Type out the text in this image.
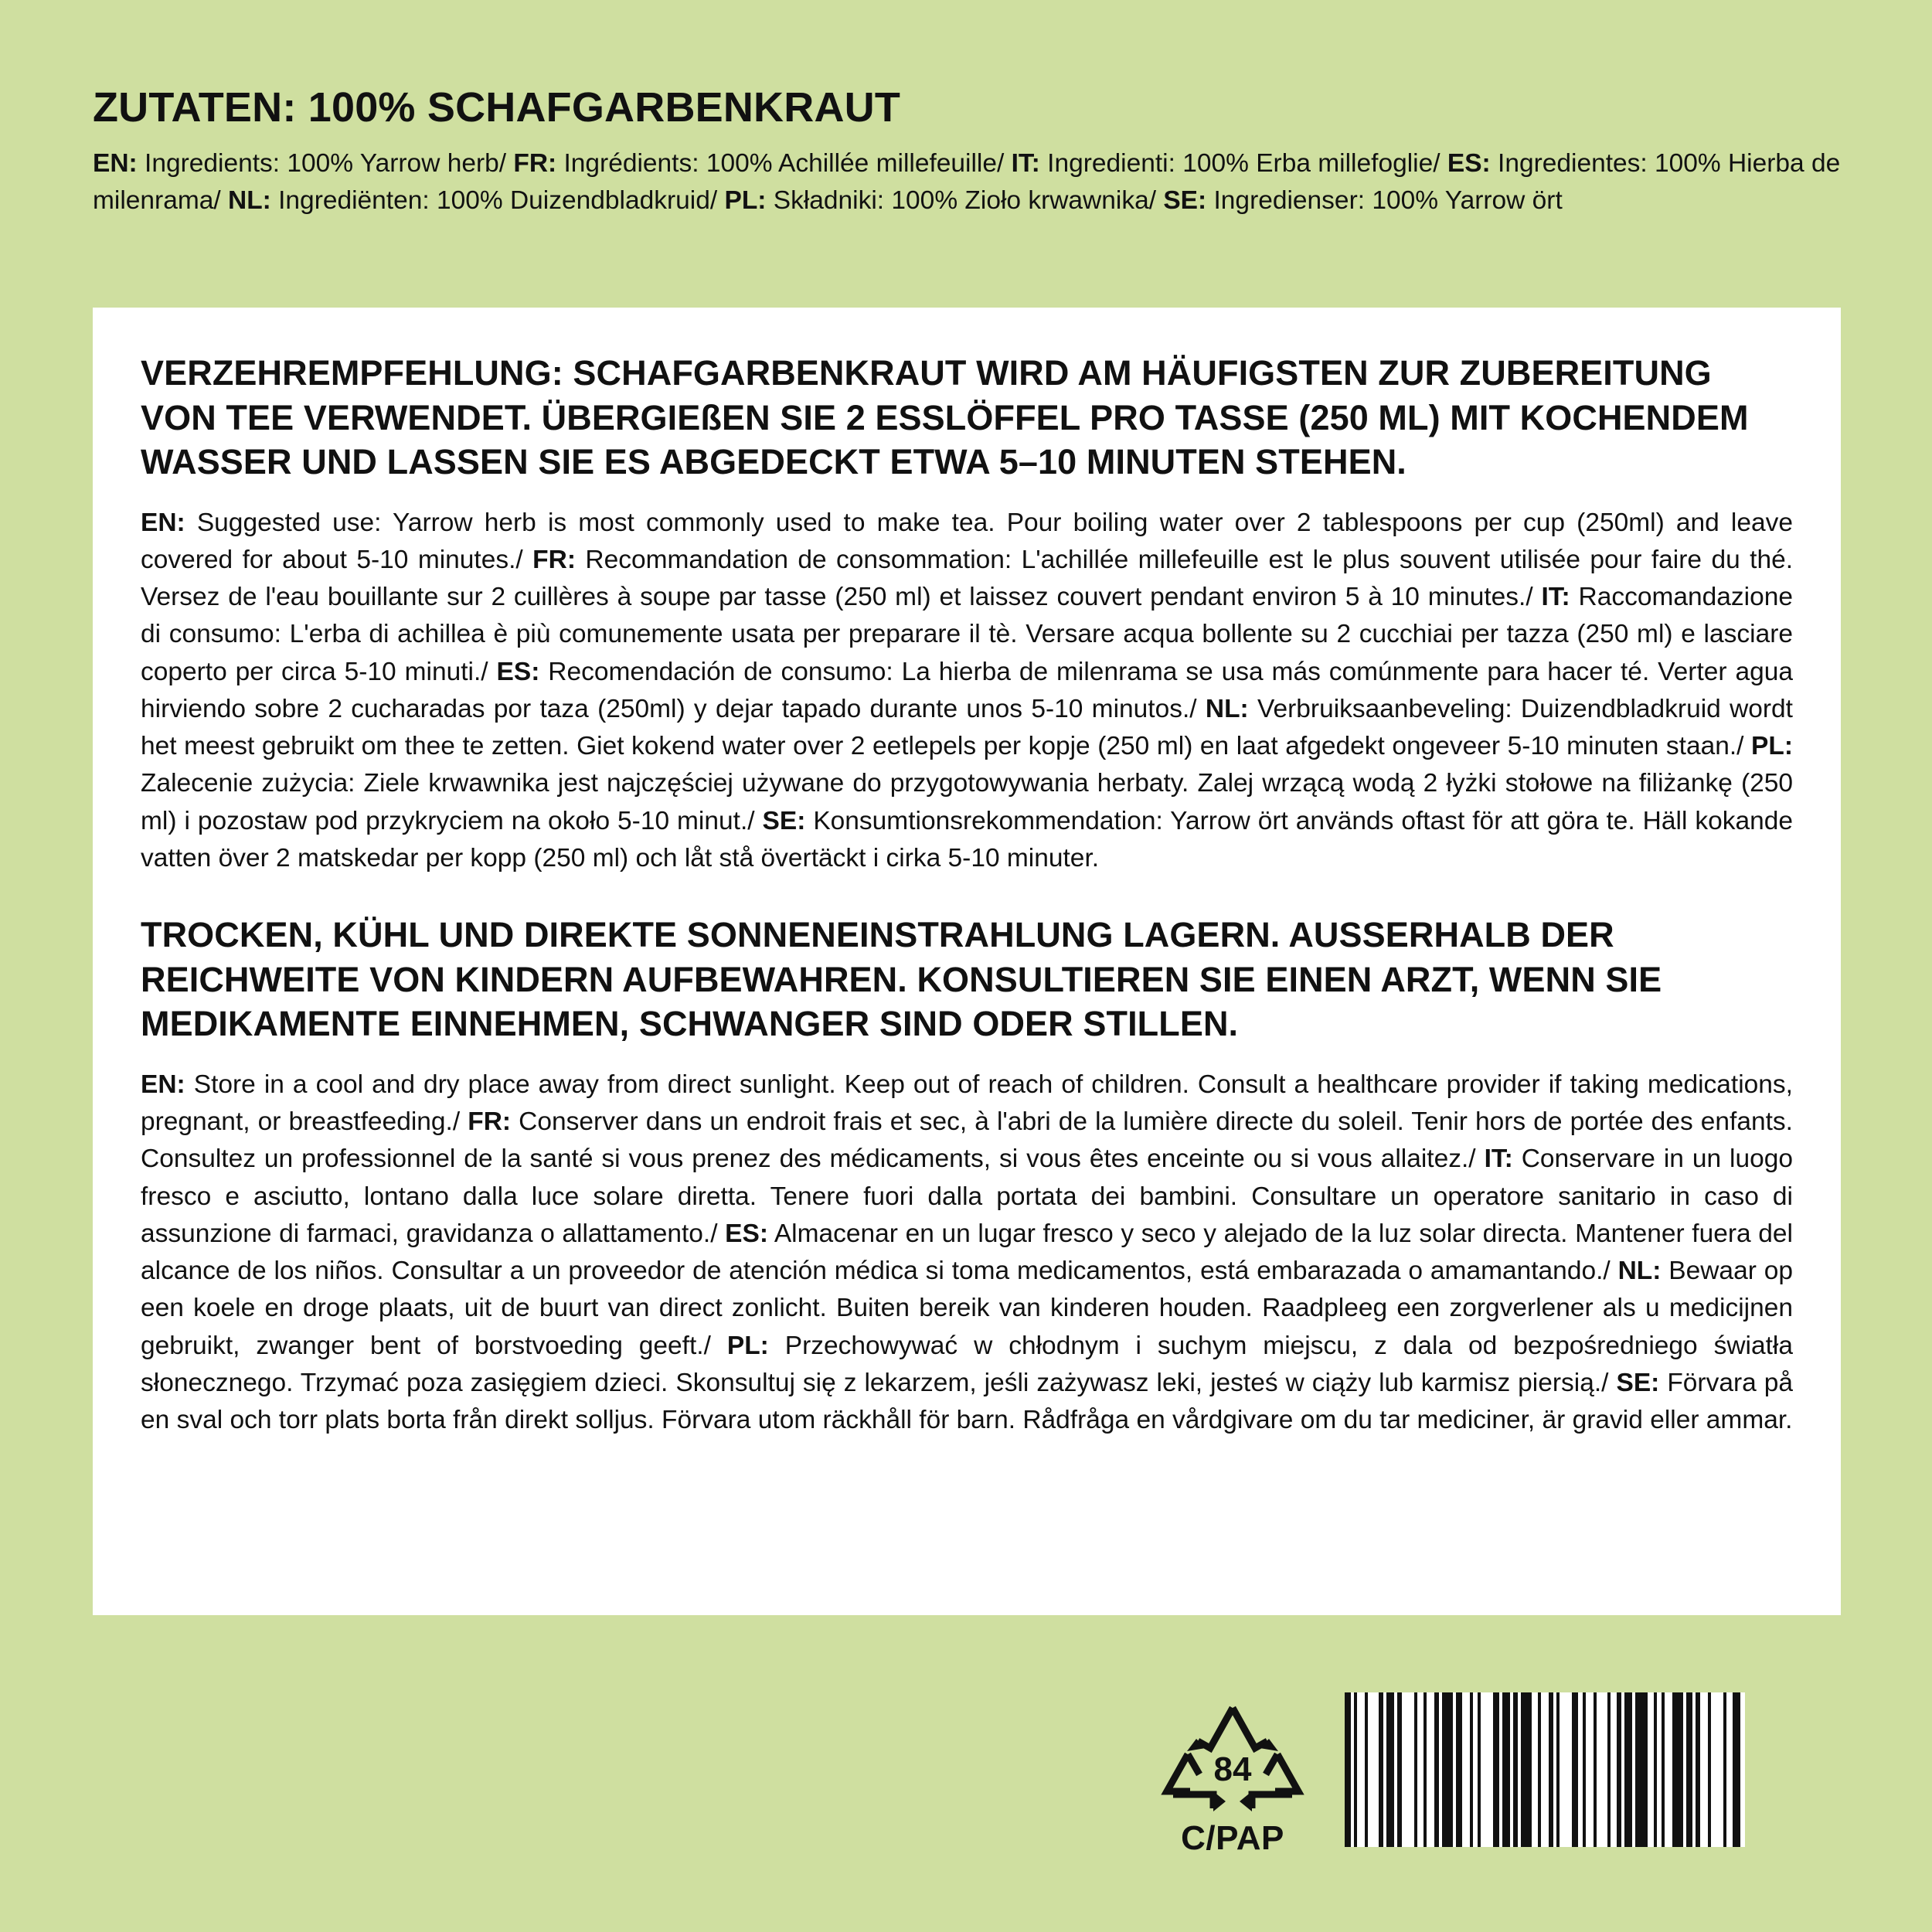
ZUTATEN: 100% SCHAFGARBENKRAUT

EN: Ingredients: 100% Yarrow herb/ FR: Ingrédients: 100% Achillée millefeuille/ IT: Ingredienti: 100% Erba millefoglie/ ES: Ingredientes: 100% Hierba de milenrama/ NL: Ingrediënten: 100% Duizendbladkruid/ PL: Składniki: 100% Zioło krwawnika/ SE: Ingredienser: 100% Yarrow ört

VERZEHREMPFEHLUNG: SCHAFGARBENKRAUT WIRD AM HÄUFIGSTEN ZUR ZUBEREITUNG VON TEE VERWENDET. ÜBERGIEßEN SIE 2 ESSLÖFFEL PRO TASSE (250 ML) MIT KOCHENDEM WASSER UND LASSEN SIE ES ABGEDECKT ETWA 5–10 MINUTEN STEHEN.

EN: Suggested use: Yarrow herb is most commonly used to make tea. Pour boiling water over 2 tablespoons per cup (250ml) and leave covered for about 5-10 minutes./ FR: Recommandation de consommation: L'achillée millefeuille est le plus souvent utilisée pour faire du thé. Versez de l'eau bouillante sur 2 cuillères à soupe par tasse (250 ml) et laissez couvert pendant environ 5 à 10 minutes./ IT: Raccomandazione di consumo: L'erba di achillea è più comunemente usata per preparare il tè. Versare acqua bollente su 2 cucchiai per tazza (250 ml) e lasciare coperto per circa 5-10 minuti./ ES: Recomendación de consumo: La hierba de milenrama se usa más comúnmente para hacer té. Verter agua hirviendo sobre 2 cucharadas por taza (250ml) y dejar tapado durante unos 5-10 minutos./ NL: Verbruiksaanbeveling: Duizendbladkruid wordt het meest gebruikt om thee te zetten. Giet kokend water over 2 eetlepels per kopje (250 ml) en laat afgedekt ongeveer 5-10 minuten staan./ PL: Zalecenie zużycia: Ziele krwawnika jest najczęściej używane do przygotowywania herbaty. Zalej wrzącą wodą 2 łyżki stołowe na filiżankę (250 ml) i pozostaw pod przykryciem na około 5-10 minut./ SE: Konsumtionsrekommendation: Yarrow ört används oftast för att göra te. Häll kokande vatten över 2 matskedar per kopp (250 ml) och låt stå övertäckt i cirka 5-10 minuter.

TROCKEN, KÜHL UND DIREKTE SONNENEINSTRAHLUNG LAGERN. AUSSERHALB DER REICHWEITE VON KINDERN AUFBEWAHREN. KONSULTIEREN SIE EINEN ARZT, WENN SIE MEDIKAMENTE EINNEHMEN, SCHWANGER SIND ODER STILLEN.

EN: Store in a cool and dry place away from direct sunlight. Keep out of reach of children. Consult a healthcare provider if taking medications, pregnant, or breastfeeding./ FR: Conserver dans un endroit frais et sec, à l'abri de la lumière directe du soleil. Tenir hors de portée des enfants. Consultez un professionnel de la santé si vous prenez des médicaments, si vous êtes enceinte ou si vous allaitez./ IT: Conservare in un luogo fresco e asciutto, lontano dalla luce solare diretta. Tenere fuori dalla portata dei bambini. Consultare un operatore sanitario in caso di assunzione di farmaci, gravidanza o allattamento./ ES: Almacenar en un lugar fresco y seco y alejado de la luz solar directa. Mantener fuera del alcance de los niños. Consultar a un proveedor de atención médica si toma medicamentos, está embarazada o amamantando./ NL: Bewaar op een koele en droge plaats, uit de buurt van direct zonlicht. Buiten bereik van kinderen houden. Raadpleeg een zorgverlener als u medicijnen gebruikt, zwanger bent of borstvoeding geeft./ PL: Przechowywać w chłodnym i suchym miejscu, z dala od bezpośredniego światła słonecznego. Trzymać poza zasięgiem dzieci. Skonsultuj się z lekarzem, jeśli zażywasz leki, jesteś w ciąży lub karmisz piersią./ SE: Förvara på en sval och torr plats borta från direkt solljus. Förvara utom räckhåll för barn. Rådfråga en vårdgivare om du tar mediciner, är gravid eller ammar.

84
C/PAP
